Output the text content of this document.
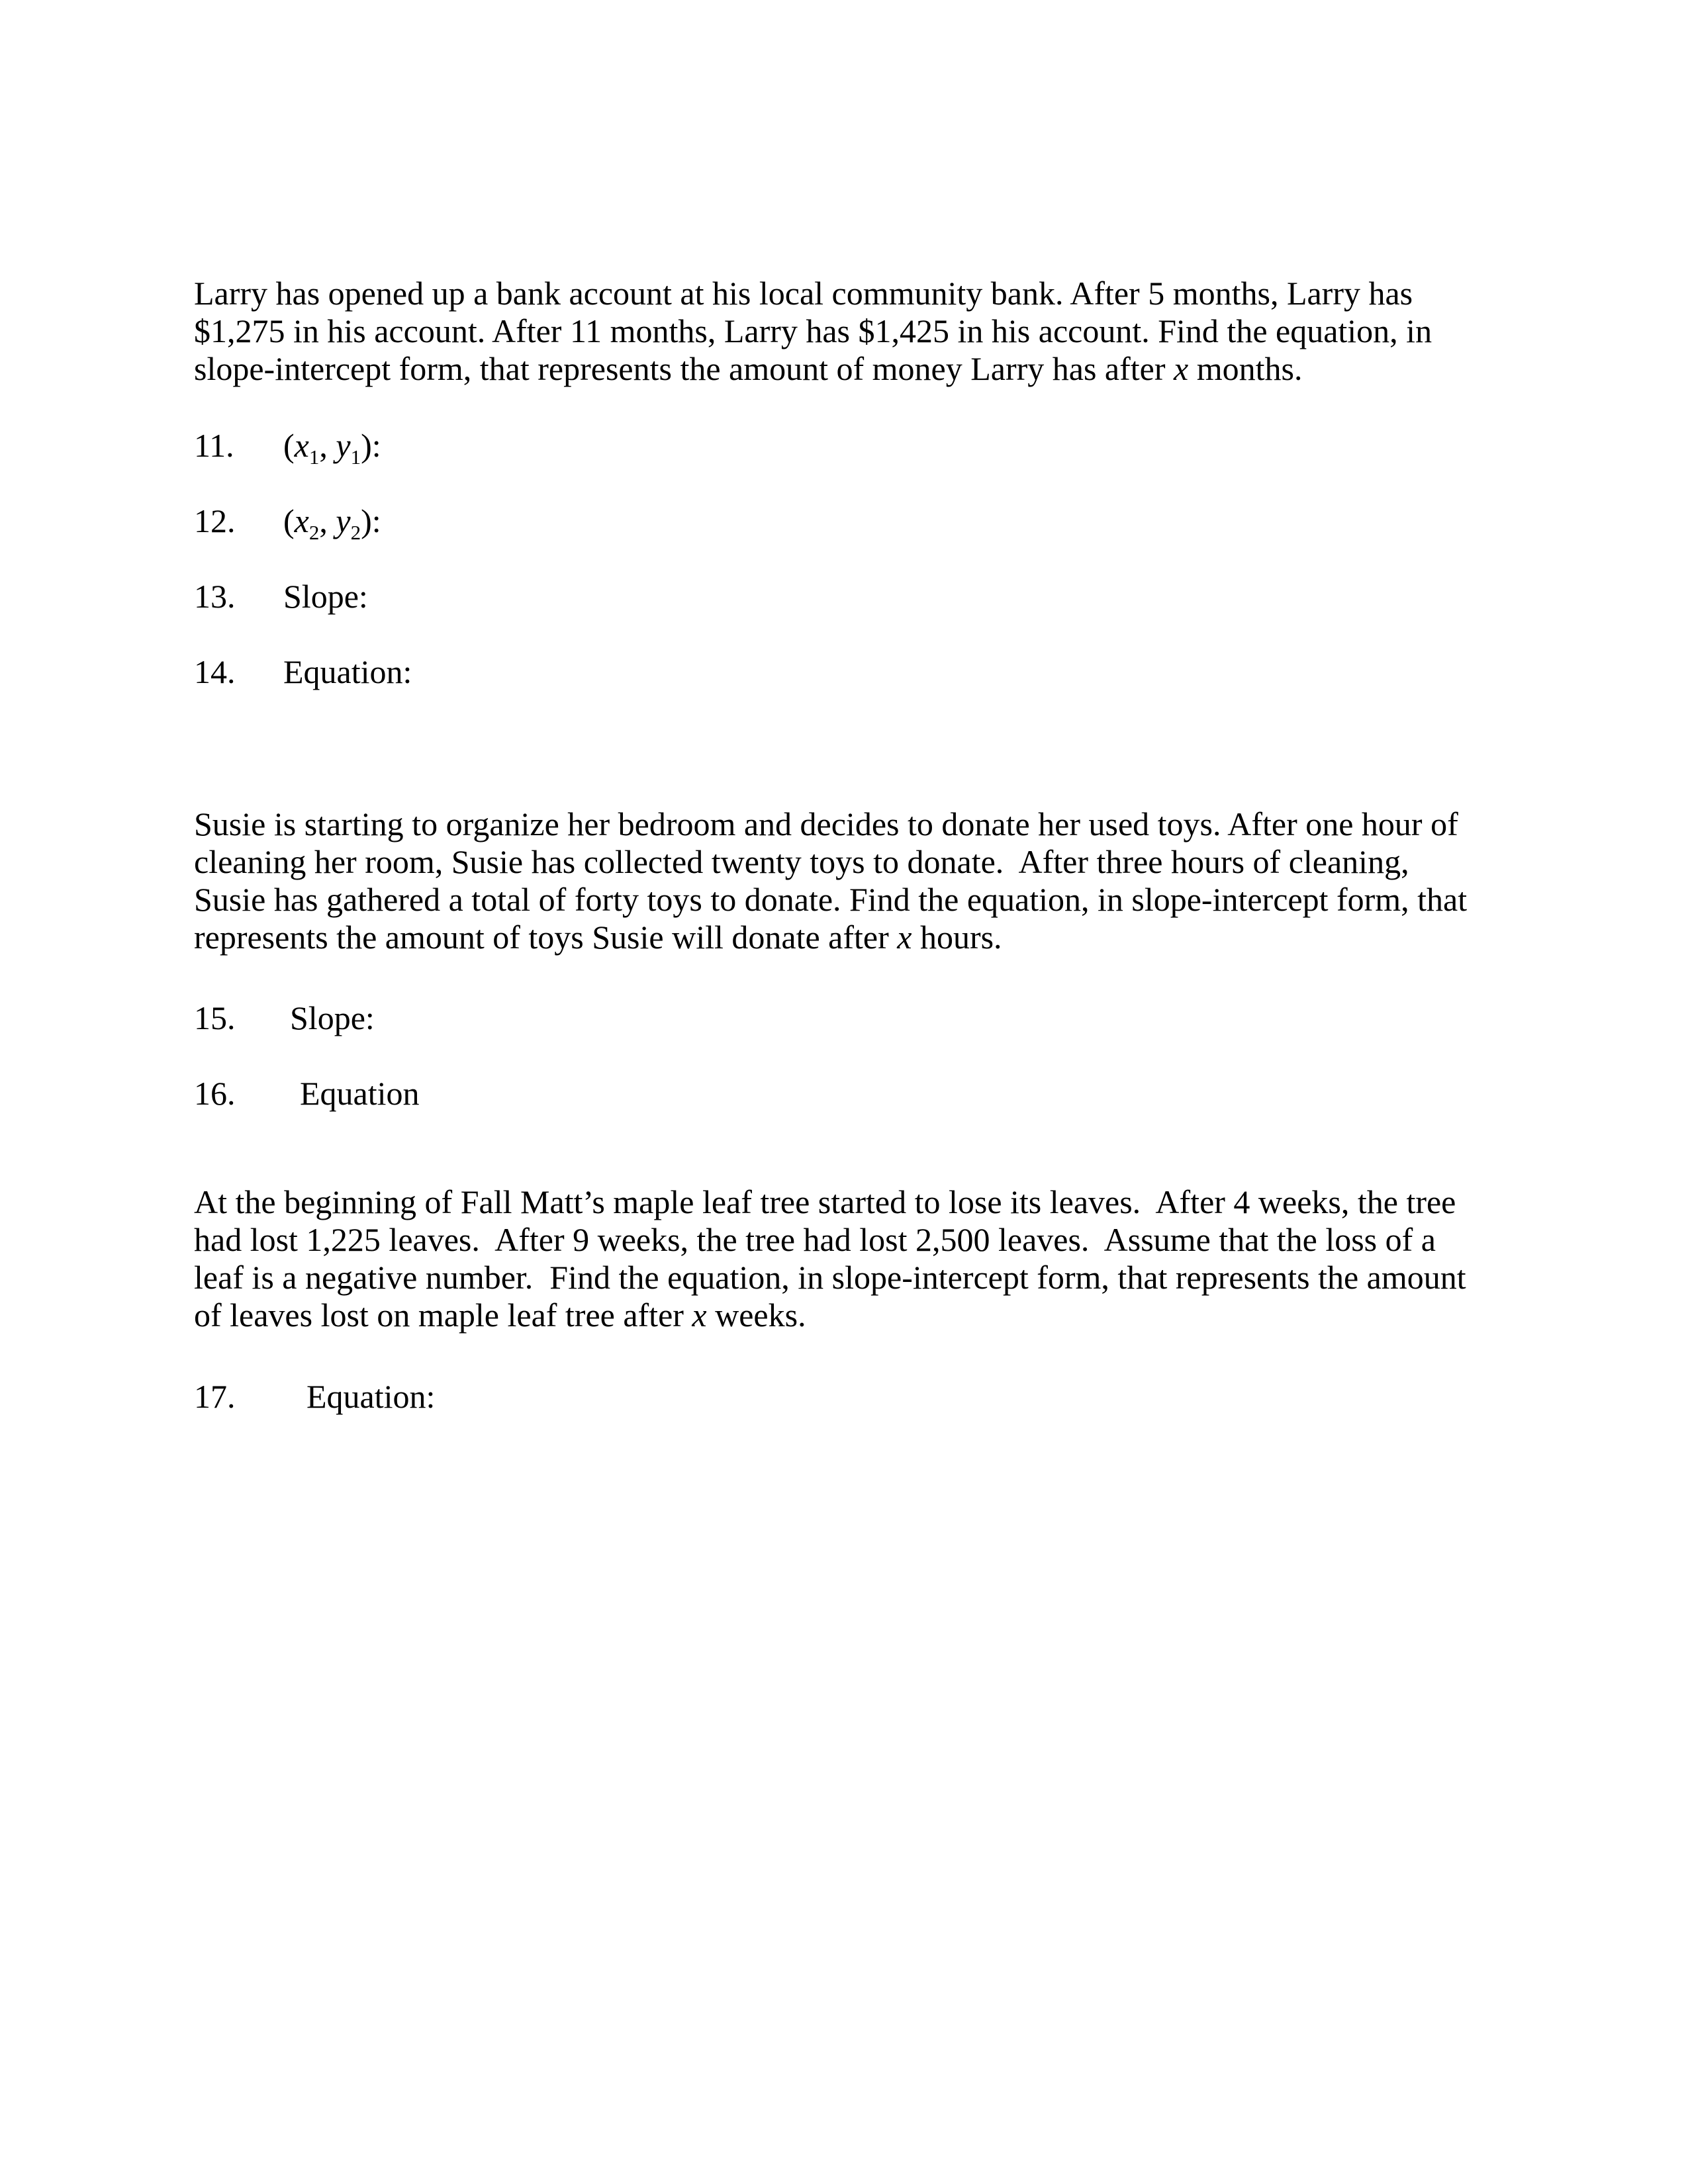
Larry has opened up a bank account at his local community bank. After 5 months, Larry has
$1,275 in his account. After 11 months, Larry has $1,425 in his account. Find the equation, in
slope-intercept form, that represents the amount of money Larry has after x months.
11.	($x_1$, $y_1$):
12.	($x_2$, $y_2$):
13.	Slope:
14.	Equation:
Susie is starting to organize her bedroom and decides to donate her used toys. After one hour of
cleaning her room, Susie has collected twenty toys to donate.  After three hours of cleaning,
Susie has gathered a total of forty toys to donate. Find the equation, in slope-intercept form, that
represents the amount of toys Susie will donate after x hours.
15.	Slope:
16.	Equation
At the beginning of Fall Matt’s maple leaf tree started to lose its leaves.  After 4 weeks, the tree
had lost 1,225 leaves.  After 9 weeks, the tree had lost 2,500 leaves.  Assume that the loss of a
leaf is a negative number.  Find the equation, in slope-intercept form, that represents the amount
of leaves lost on maple leaf tree after x weeks.
17.	Equation:
